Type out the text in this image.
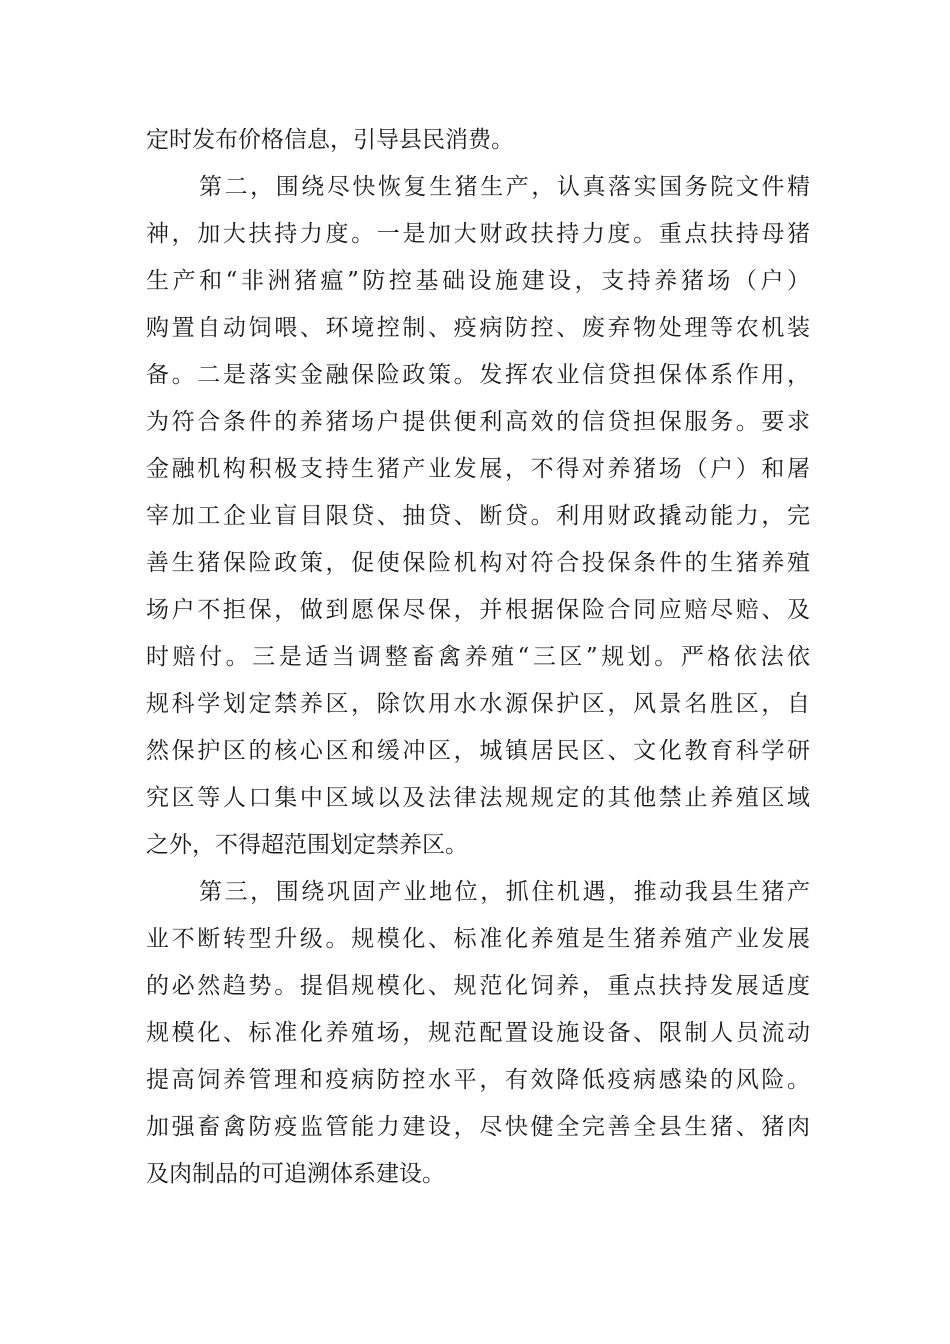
定时发布价格信息，引导县民消费。
第二，围绕尽快恢复生猪生产，认真落实国务院文件精
神，加大扶持力度。一是加大财政扶持力度。重点扶持母猪
生产和“非洲猪瘟”防控基础设施建设，支持养猪场（户）
购置自动饲喂、环境控制、疫病防控、废弃物处理等农机装
备。二是落实金融保险政策。发挥农业信贷担保体系作用，
为符合条件的养猪场户提供便利高效的信贷担保服务。要求
金融机构积极支持生猪产业发展，不得对养猪场（户）和屠
宰加工企业盲目限贷、抽贷、断贷。利用财政撬动能力，完
善生猪保险政策，促使保险机构对符合投保条件的生猪养殖
场户不拒保，做到愿保尽保，并根据保险合同应赔尽赔、及
时赔付。三是适当调整畜禽养殖“三区”规划。严格依法依
规科学划定禁养区，除饮用水水源保护区，风景名胜区，自
然保护区的核心区和缓冲区，城镇居民区、文化教育科学研
究区等人口集中区域以及法律法规规定的其他禁止养殖区域
之外，不得超范围划定禁养区。
第三，围绕巩固产业地位，抓住机遇，推动我县生猪产
业不断转型升级。规模化、标准化养殖是生猪养殖产业发展
的必然趋势。提倡规模化、规范化饲养，重点扶持发展适度
规模化、标准化养殖场，规范配置设施设备、限制人员流动
提高饲养管理和疫病防控水平，有效降低疫病感染的风险。
加强畜禽防疫监管能力建设，尽快健全完善全县生猪、猪肉
及肉制品的可追溯体系建设。
